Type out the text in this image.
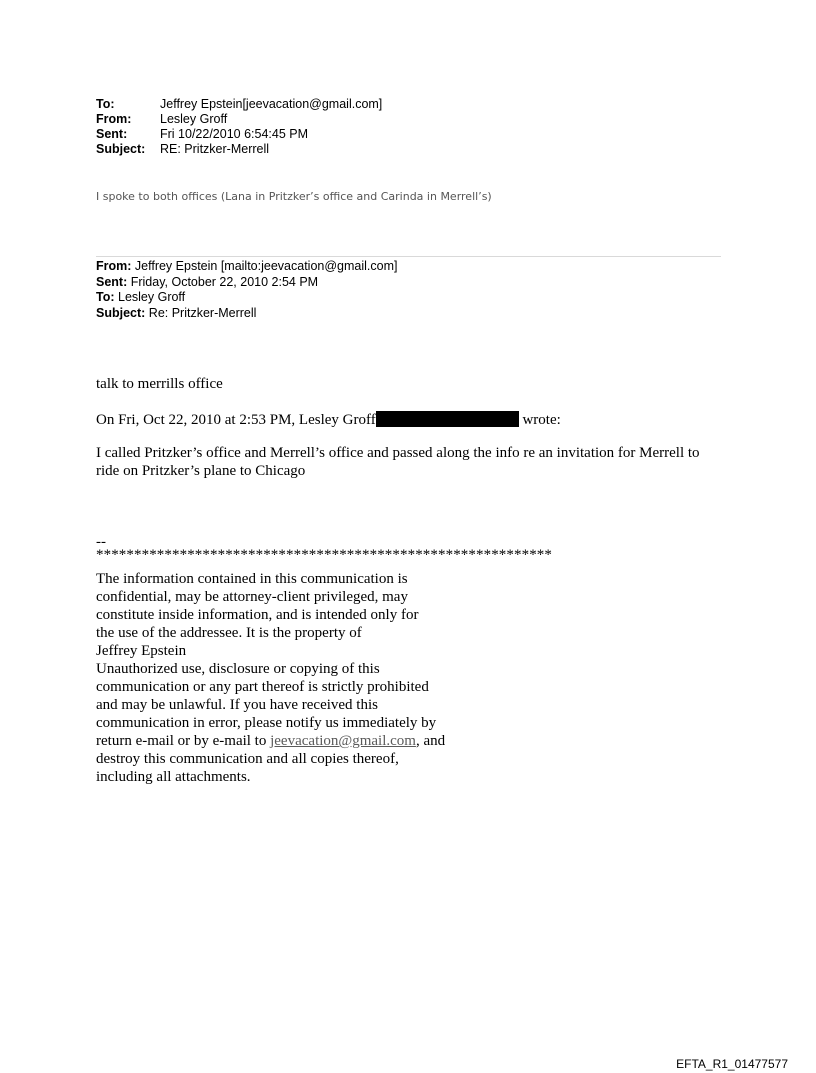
To:	Jeffrey Epstein[jeevacation@gmail.com]
From:	Lesley Groff
Sent:	Fri 10/22/2010 6:54:45 PM
Subject:	RE: Pritzker-Merrell
I spoke to both offices (Lana in Pritzker’s office and Carinda in Merrell’s)
From: Jeffrey Epstein [mailto:jeevacation@gmail.com]
Sent: Friday, October 22, 2010 2:54 PM
To: Lesley Groff
Subject: Re: Pritzker-Merrell
talk to merrills office
On Fri, Oct 22, 2010 at 2:53 PM, Lesley Groff	wrote:
I called Pritzker’s office and Merrell’s office and passed along the info re an invitation for Merrell to ride on Pritzker’s plane to Chicago
--
************************************************************
The information contained in this communication is
confidential, may be attorney-client privileged, may
constitute inside information, and is intended only for
the use of the addressee. It is the property of
Jeffrey Epstein
Unauthorized use, disclosure or copying of this
communication or any part thereof is strictly prohibited
and may be unlawful. If you have received this
communication in error, please notify us immediately by
return e-mail or by e-mail to jeevacation@gmail.com, and
destroy this communication and all copies thereof,
including all attachments.
EFTA_R1_01477577
